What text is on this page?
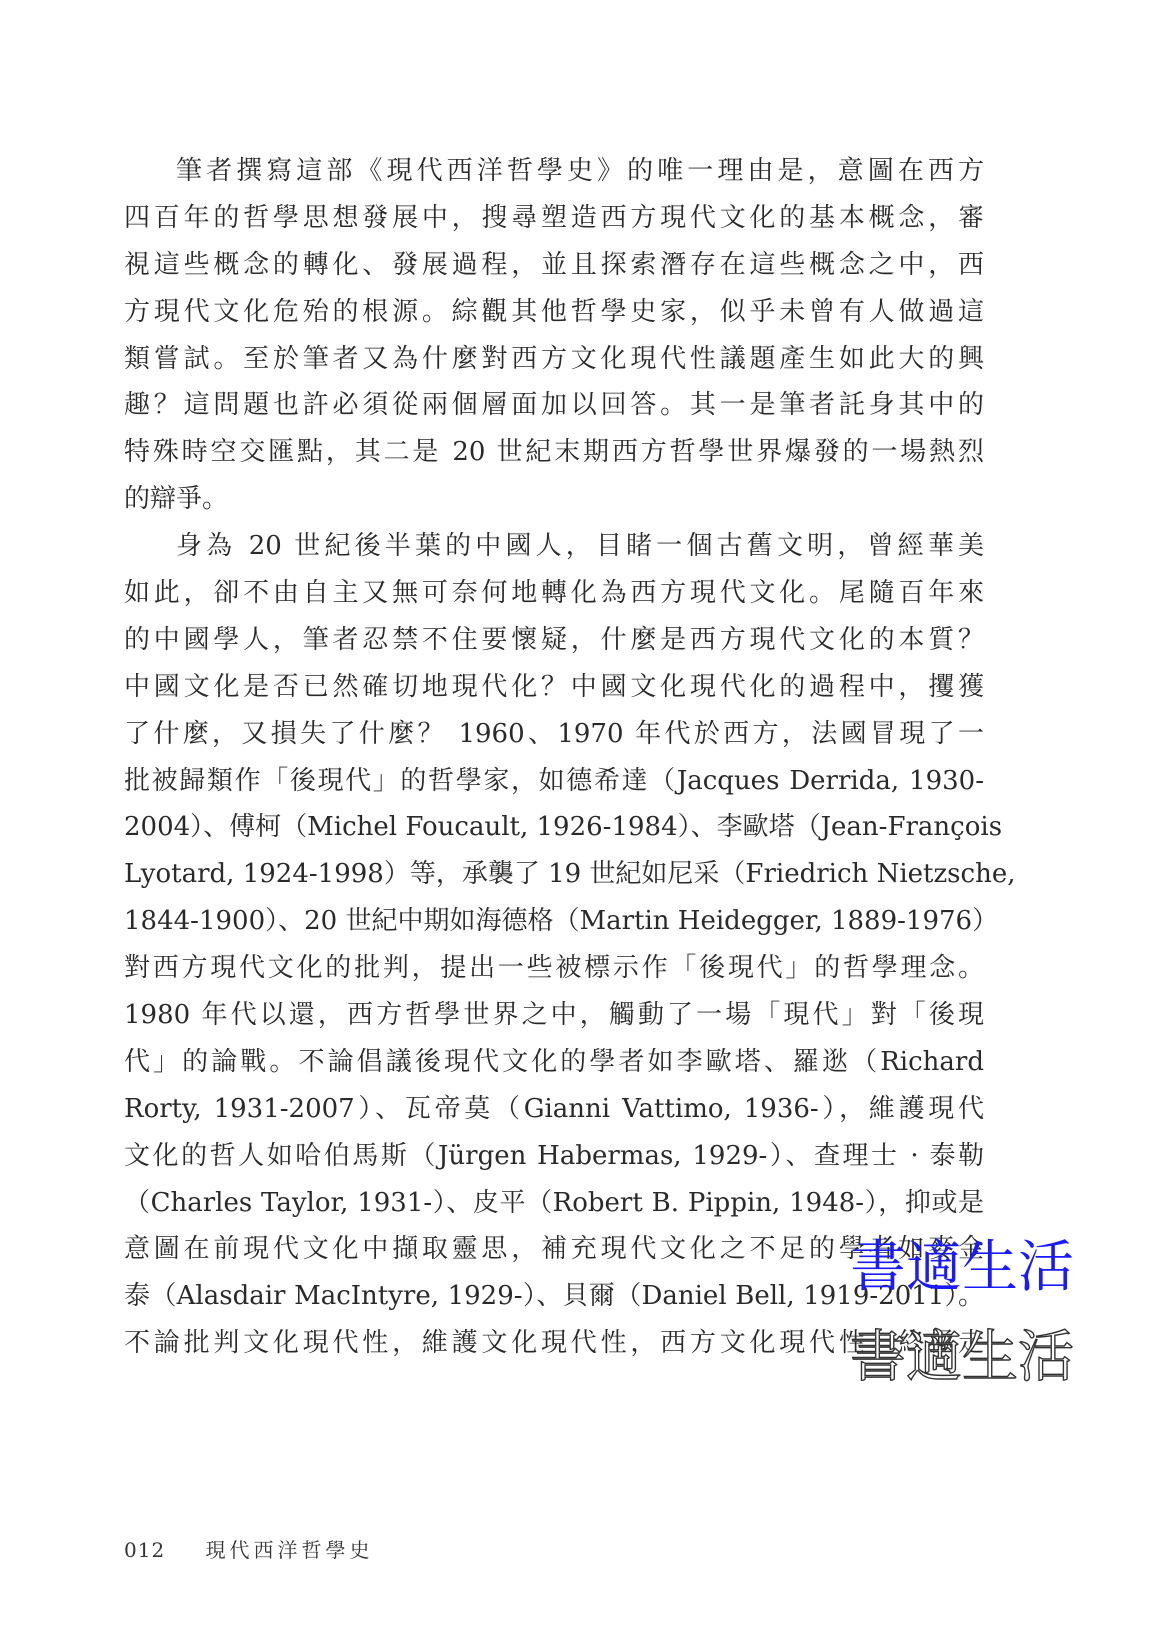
筆者撰寫這部《現代西洋哲學史》的唯一理由是，意圖在西方
四百年的哲學思想發展中，搜尋塑造西方現代文化的基本概念，審
視這些概念的轉化、發展過程，並且探索潛存在這些概念之中，西
方現代文化危殆的根源。綜觀其他哲學史家，似乎未曾有人做過這
類嘗試。至於筆者又為什麼對西方文化現代性議題產生如此大的興
趣？這問題也許必須從兩個層面加以回答。其一是筆者託身其中的
特殊時空交匯點，其二是 20 世紀末期西方哲學世界爆發的一場熱烈
的辯爭。
身為 20 世紀後半葉的中國人，目睹一個古舊文明，曾經華美
如此，卻不由自主又無可奈何地轉化為西方現代文化。尾隨百年來
的中國學人，筆者忍禁不住要懷疑，什麼是西方現代文化的本質？
中國文化是否已然確切地現代化？中國文化現代化的過程中，攫獲
了什麼，又損失了什麼？ 1960、1970 年代於西方，法國冒現了一
批被歸類作「後現代」的哲學家，如德希達（Jacques Derrida, 1930-
2004）、傅柯（Michel Foucault, 1926-1984）、李歐塔（Jean-François
Lyotard, 1924-1998）等，承襲了 19 世紀如尼采（Friedrich Nietzsche,
1844-1900）、20 世紀中期如海德格（Martin Heidegger, 1889-1976）
對西方現代文化的批判，提出一些被標示作「後現代」的哲學理念。
1980 年代以還，西方哲學世界之中，觸動了一場「現代」對「後現
代」的論戰。不論倡議後現代文化的學者如李歐塔、羅逖（Richard
Rorty, 1931-2007）、瓦帝莫（Gianni Vattimo, 1936-），維護現代
文化的哲人如哈伯馬斯（Jürgen Habermas, 1929-）、查理士 · 泰勒
（Charles Taylor, 1931-）、皮平（Robert B. Pippin, 1948-），抑或是
意圖在前現代文化中擷取靈思，補充現代文化之不足的學者如麥金
泰（Alasdair MacIntyre, 1929-）、貝爾（Daniel Bell, 1919-2011）。
不論批判文化現代性，維護文化現代性，西方文化現代性一終極走
書適生活
書適生活
012 現代西洋哲學史
